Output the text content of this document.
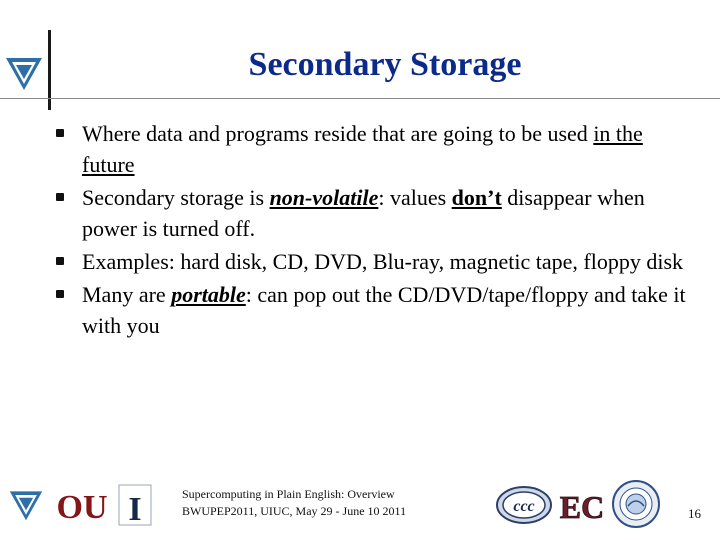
Secondary Storage
Where data and programs reside that are going to be used in the future
Secondary storage is non-volatile: values don’t disappear when power is turned off.
Examples: hard disk, CD, DVD, Blu-ray, magnetic tape, floppy disk
Many are portable: can pop out the CD/DVD/tape/floppy and take it with you
OU I	Supercomputing in Plain English: Overview
BWUPEP2011, UIUC, May 29 - June 10 2011	ccc EC	16
